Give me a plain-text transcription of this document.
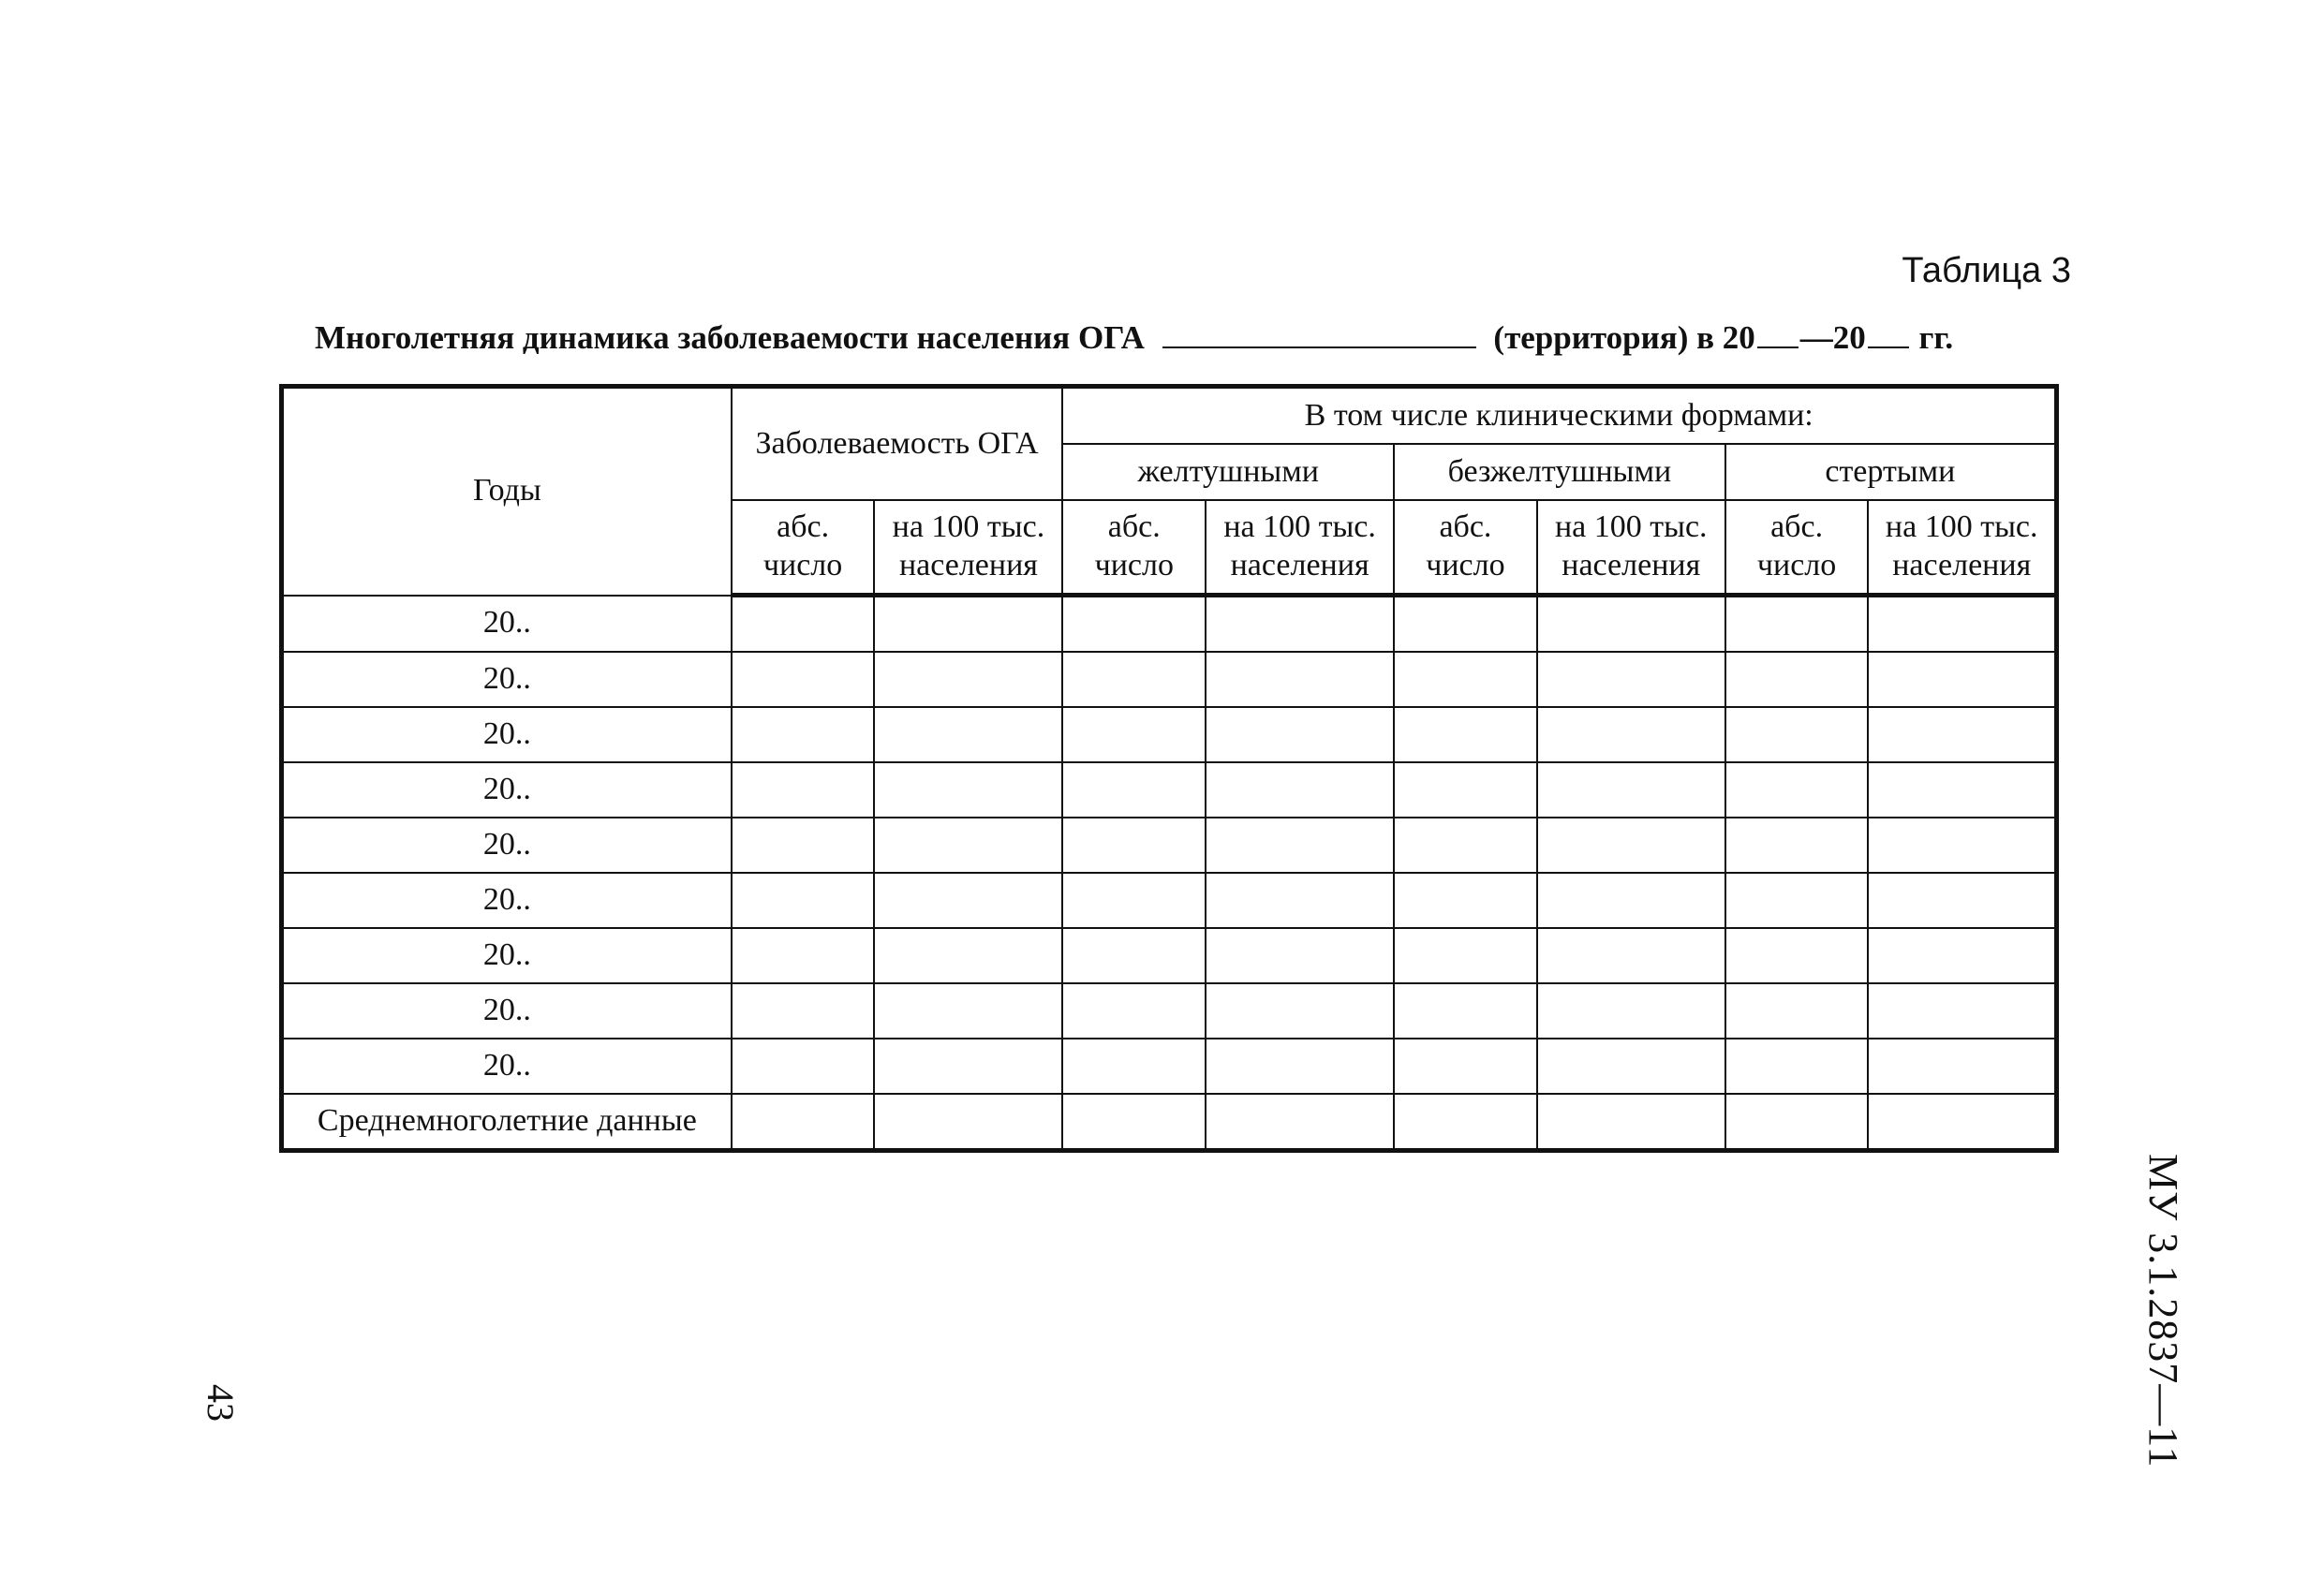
Таблица 3
Многолетняя динамика заболеваемости населения ОГА	(территория) в 20 —20 гг.
Годы	Заболеваемость ОГА		В том числе клиническими формами:					
			желтушными		безжелтушными		стертыми	
	абс. число	на 100 тыс. населения	абс. число	на 100 тыс. населения	абс. число	на 100 тыс. населения	абс. число	на 100 тыс. населения
20..								
20..								
20..								
20..								
20..								
20..								
20..								
20..								
20..								
Среднемноголетние данные								
МУ 3.1.2837—11
43
